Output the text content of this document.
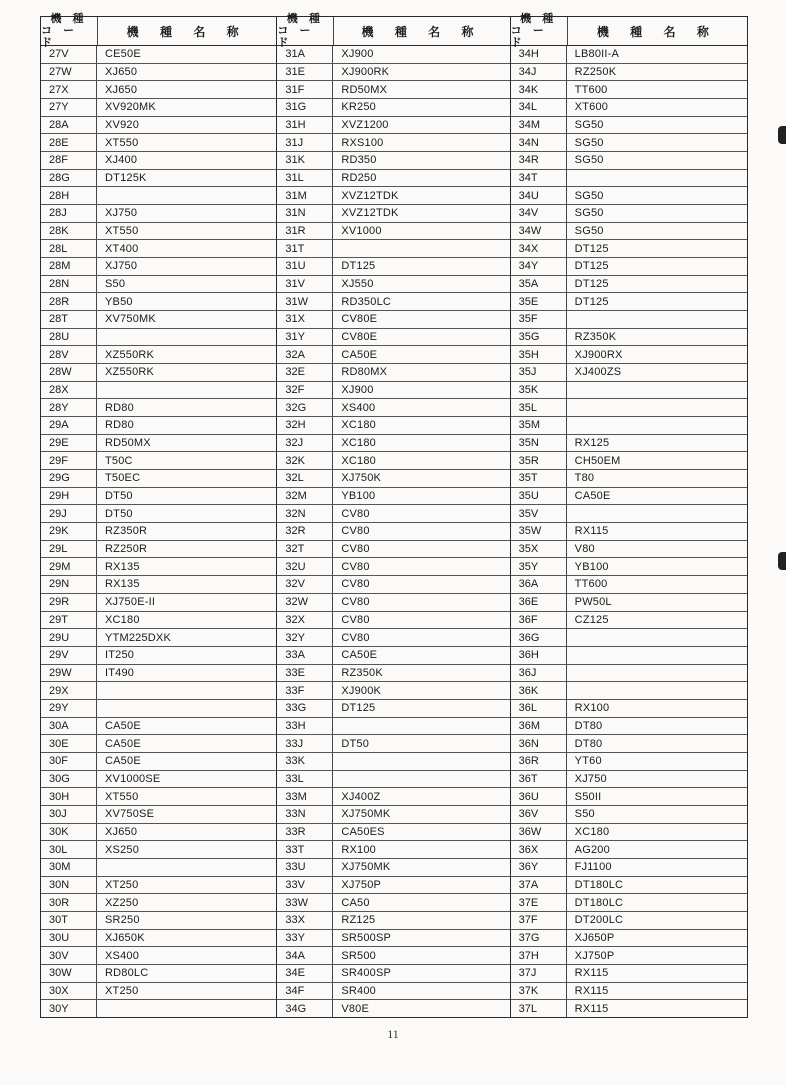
機 種
コ ー ド
機 種 名 称
27V	CE50E
27W	XJ650
27X	XJ650
27Y	XV920MK
28A	XV920
28E	XT550
28F	XJ400
28G	DT125K
28H
28J	XJ750
28K	XT550
28L	XT400
28M	XJ750
28N	S50
28R	YB50
28T	XV750MK
28U
28V	XZ550RK
28W	XZ550RK
28X
28Y	RD80
29A	RD80
29E	RD50MX
29F	T50C
29G	T50EC
29H	DT50
29J	DT50
29K	RZ350R
29L	RZ250R
29M	RX135
29N	RX135
29R	XJ750E-II
29T	XC180
29U	YTM225DXK
29V	IT250
29W	IT490
29X
29Y
30A	CA50E
30E	CA50E
30F	CA50E
30G	XV1000SE
30H	XT550
30J	XV750SE
30K	XJ650
30L	XS250
30M
30N	XT250
30R	XZ250
30T	SR250
30U	XJ650K
30V	XS400
30W	RD80LC
30X	XT250
30Y
機 種
コ ー ド
機 種 名 称
31A	XJ900
31E	XJ900RK
31F	RD50MX
31G	KR250
31H	XVZ1200
31J	RXS100
31K	RD350
31L	RD250
31M	XVZ12TDK
31N	XVZ12TDK
31R	XV1000
31T
31U	DT125
31V	XJ550
31W	RD350LC
31X	CV80E
31Y	CV80E
32A	CA50E
32E	RD80MX
32F	XJ900
32G	XS400
32H	XC180
32J	XC180
32K	XC180
32L	XJ750K
32M	YB100
32N	CV80
32R	CV80
32T	CV80
32U	CV80
32V	CV80
32W	CV80
32X	CV80
32Y	CV80
33A	CA50E
33E	RZ350K
33F	XJ900K
33G	DT125
33H
33J	DT50
33K
33L
33M	XJ400Z
33N	XJ750MK
33R	CA50ES
33T	RX100
33U	XJ750MK
33V	XJ750P
33W	CA50
33X	RZ125
33Y	SR500SP
34A	SR500
34E	SR400SP
34F	SR400
34G	V80E
機 種
コ ー ド
機 種 名 称
34H	LB80II-A
34J	RZ250K
34K	TT600
34L	XT600
34M	SG50
34N	SG50
34R	SG50
34T
34U	SG50
34V	SG50
34W	SG50
34X	DT125
34Y	DT125
35A	DT125
35E	DT125
35F
35G	RZ350K
35H	XJ900RX
35J	XJ400ZS
35K
35L
35M
35N	RX125
35R	CH50EM
35T	T80
35U	CA50E
35V
35W	RX115
35X	V80
35Y	YB100
36A	TT600
36E	PW50L
36F	CZ125
36G
36H
36J
36K
36L	RX100
36M	DT80
36N	DT80
36R	YT60
36T	XJ750
36U	S50II
36V	S50
36W	XC180
36X	AG200
36Y	FJ1100
37A	DT180LC
37E	DT180LC
37F	DT200LC
37G	XJ650P
37H	XJ750P
37J	RX115
37K	RX115
37L	RX115
11
